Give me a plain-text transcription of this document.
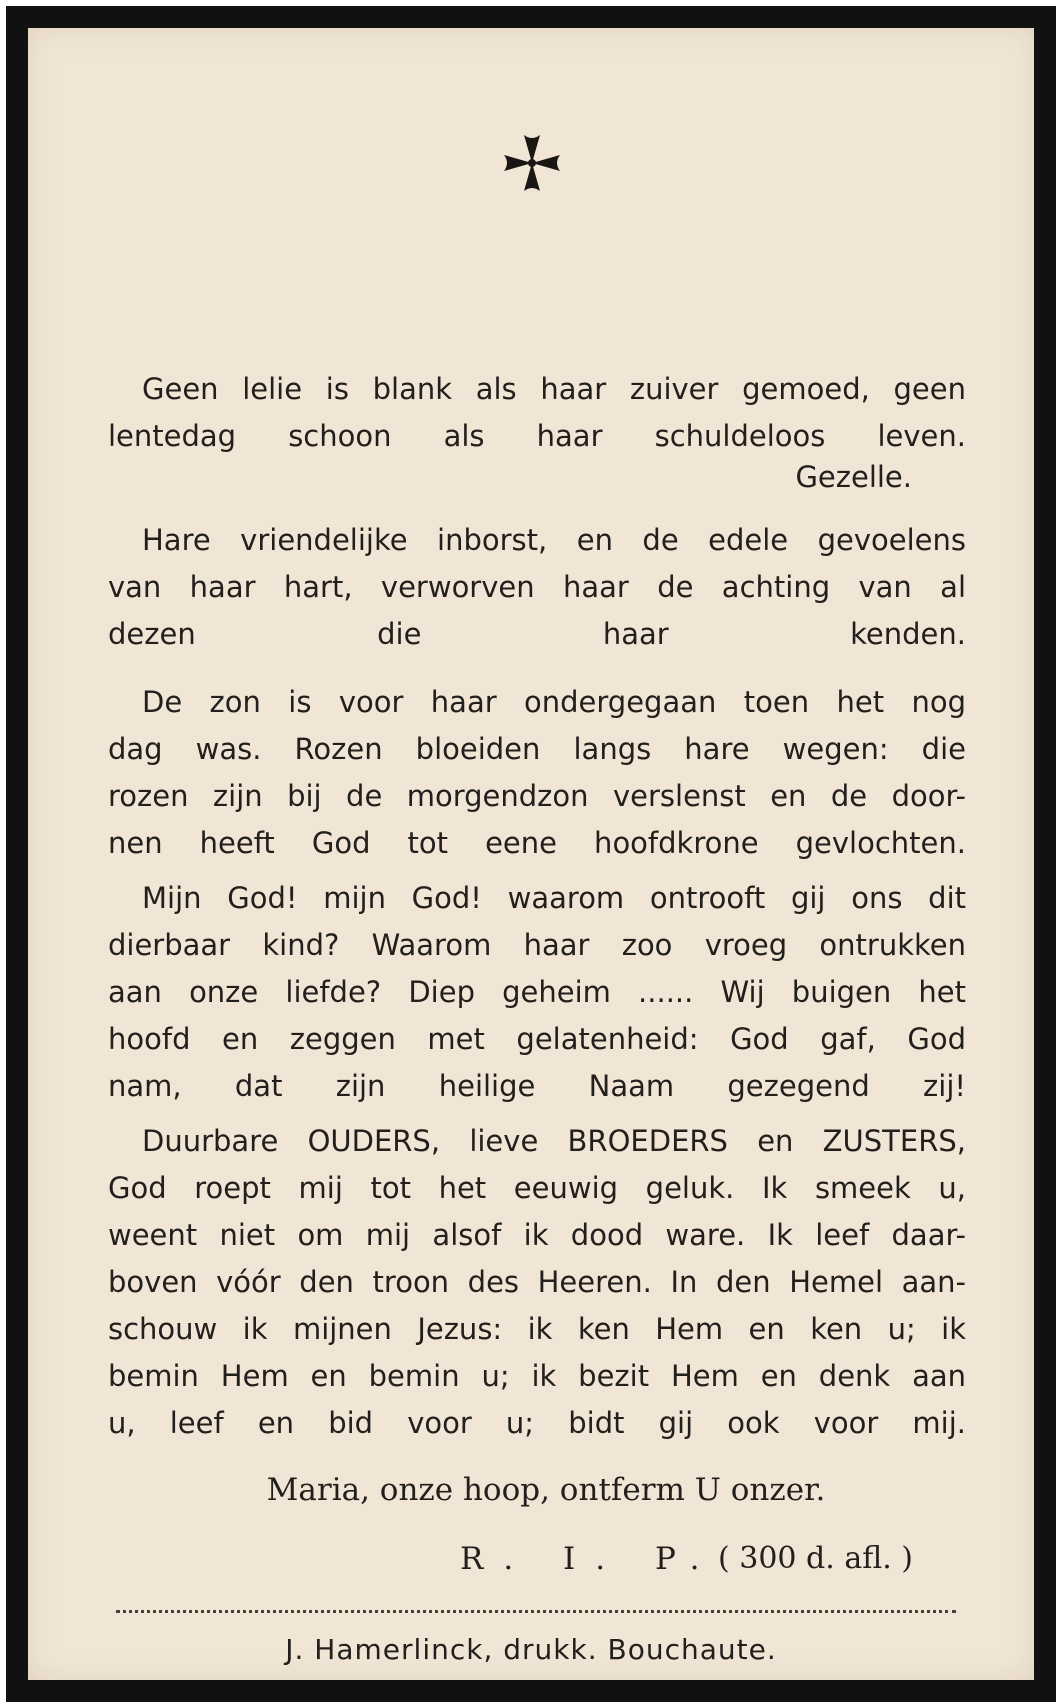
Geen lelie is blank als haar zuiver gemoed, geen
lentedag schoon als haar schuldeloos leven.
Gezelle.
Hare vriendelijke inborst, en de edele gevoelens
van haar hart, verworven haar de achting van al
dezen die haar kenden.
De zon is voor haar ondergegaan toen het nog
dag was. Rozen bloeiden langs hare wegen: die
rozen zijn bij de morgendzon verslenst en de door-
nen heeft God tot eene hoofdkrone gevlochten.
Mijn God! mijn God! waarom ontrooft gij ons dit
dierbaar kind? Waarom haar zoo vroeg ontrukken
aan onze liefde? Diep geheim ...... Wij buigen het
hoofd en zeggen met gelatenheid: God gaf, God
nam, dat zijn heilige Naam gezegend zij!
Duurbare OUDERS, lieve BROEDERS en ZUSTERS,
God roept mij tot het eeuwig geluk. Ik smeek u,
weent niet om mij alsof ik dood ware. Ik leef daar-
boven vóór den troon des Heeren. In den Hemel aan-
schouw ik mijnen Jezus: ik ken Hem en ken u; ik
bemin Hem en bemin u; ik bezit Hem en denk aan
u, leef en bid voor u; bidt gij ook voor mij.
Maria, onze hoop, ontferm U onzer.
R. I. P.
( 300 d. afl. )
J. Hamerlinck, drukk. Bouchaute.
